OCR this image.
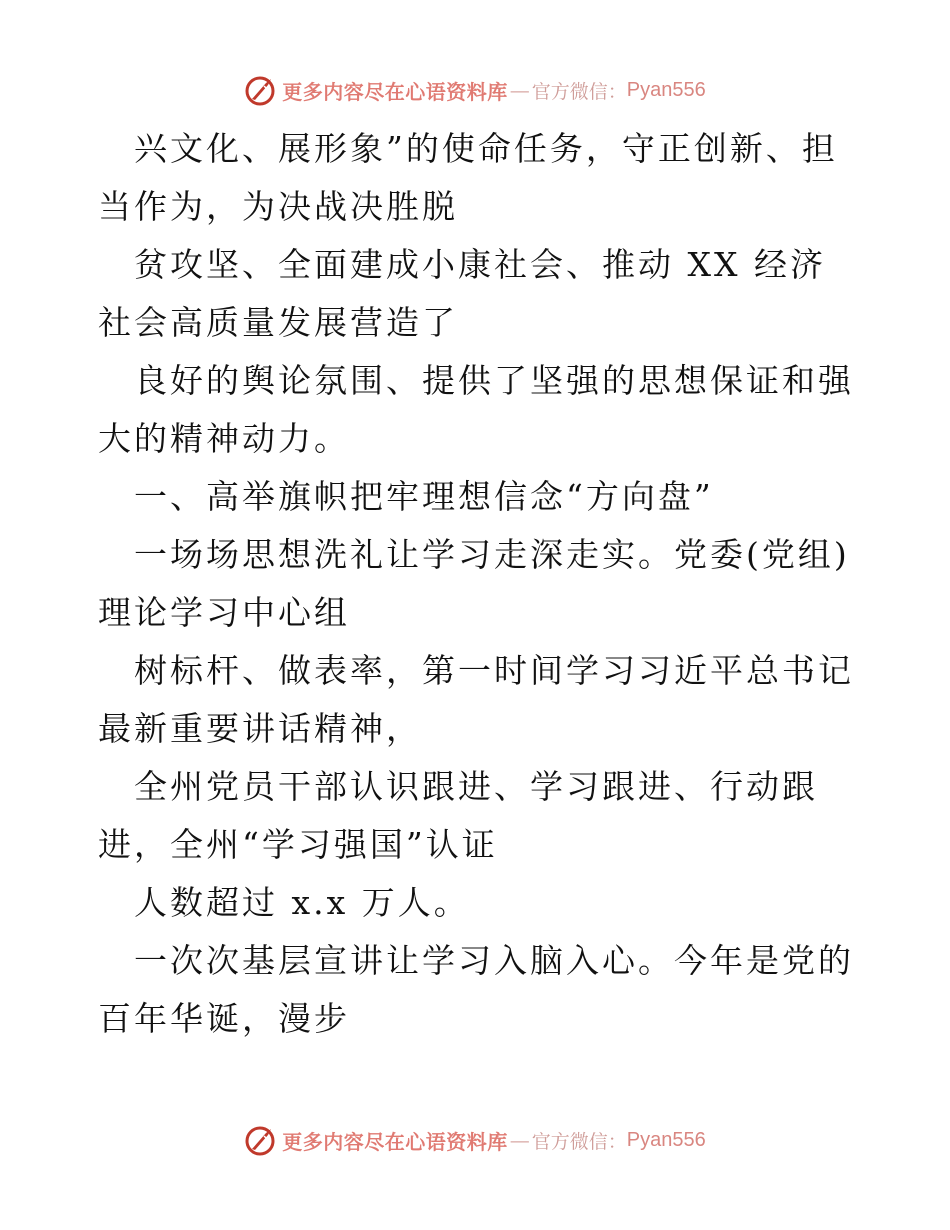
更多内容尽在心语资料库 — 官方微信： Pyan556

兴文化、展形象”的使命任务，守正创新、担当作为，为决战决胜脱

贫攻坚、全面建成小康社会、推动 XX 经济社会高质量发展营造了

良好的舆论氛围、提供了坚强的思想保证和强大的精神动力。

一、高举旗帜把牢理想信念“方向盘”

一场场思想洗礼让学习走深走实。党委(党组)理论学习中心组

树标杆、做表率，第一时间学习习近平总书记最新重要讲话精神，

全州党员干部认识跟进、学习跟进、行动跟进，全州“学习强国”认证

人数超过 x.x 万人。

一次次基层宣讲让学习入脑入心。今年是党的百年华诞，漫步

更多内容尽在心语资料库 — 官方微信： Pyan556
